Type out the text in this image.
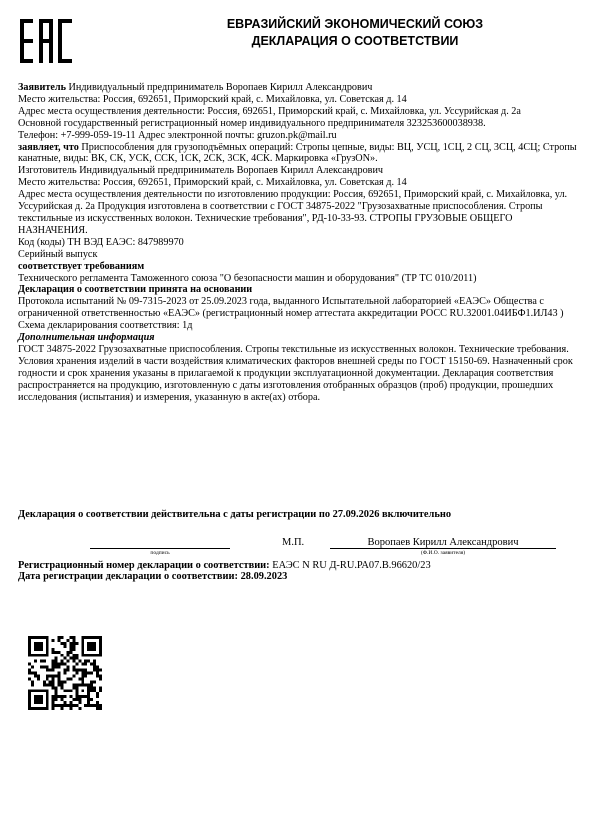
ЕВРАЗИЙСКИЙ ЭКОНОМИЧЕСКИЙ СОЮЗ
ДЕКЛАРАЦИЯ О СООТВЕТСТВИИ

Заявитель Индивидуальный предприниматель Воропаев Кирилл Александрович

Место жительства: Россия, 692651, Приморский край, с. Михайловка, ул. Советская д. 14

Адрес места осуществления деятельности: Россия, 692651, Приморский край, с. Михайловка, ул. Уссурийская д. 2а

Основной государственный регистрационный номер индивидуального предпринимателя 323253600038938.

Телефон: +7-999-059-19-11 Адрес электронной почты: gruzon.pk@mail.ru

заявляет, что Приспособления для грузоподъёмных операций: Стропы цепные, виды: ВЦ, УСЦ, 1СЦ, 2 СЦ, 3СЦ, 4СЦ; Стропы канатные, виды: ВК, СК, УСК, ССК, 1СК, 2СК, 3СК, 4СК. Маркировка «ГрузON».

Изготовитель Индивидуальный предприниматель Воропаев Кирилл Александрович

Место жительства: Россия, 692651, Приморский край, с. Михайловка, ул. Советская д. 14

Адрес места осуществления деятельности по изготовлению продукции: Россия, 692651, Приморский край, с. Михайловка, ул. Уссурийская д. 2а Продукция изготовлена в соответствии с ГОСТ 34875-2022 "Грузозахватные приспособления. Стропы текстильные из искусственных волокон. Технические требования", РД-10-33-93. СТРОПЫ ГРУЗОВЫЕ ОБЩЕГО НАЗНАЧЕНИЯ.

Код (коды) ТН ВЭД ЕАЭС: 847989970

Серийный выпуск

соответствует требованиям

Технического регламента Таможенного союза "О безопасности машин и оборудования" (ТР ТС 010/2011)

Декларация о соответствии принята на основании

Протокола испытаний № 09-7315-2023 от 25.09.2023 года, выданного Испытательной лабораторией «ЕАЭС» Общества с ограниченной ответственностью «ЕАЭС» (регистрационный номер аттестата аккредитации РОСС RU.32001.04ИБФ1.ИЛ43 )

Схема декларирования соответствия: 1д

Дополнительная информация

ГОСТ 34875-2022 Грузозахватные приспособления. Стропы текстильные из искусственных волокон. Технические требования. Условия хранения изделий в части воздействия климатических факторов внешней среды по ГОСТ 15150-69. Назначенный срок годности и срок хранения указаны в прилагаемой к продукции эксплуатационной документации. Декларация соответствия распространяется на продукцию, изготовленную с даты изготовления отобранных образцов (проб) продукции, прошедших исследования (испытания) и измерения, указанную в акте(ах) отбора.

Декларация о соответствии действительна с даты регистрации по 27.09.2026 включительно
подпись
М.П.	Воропаев Кирилл Александрович
(Ф.И.О. заявителя)
Регистрационный номер декларации о соответствии: ЕАЭС N RU Д-RU.РА07.В.96620/23
Дата регистрации декларации о соответствии: 28.09.2023
